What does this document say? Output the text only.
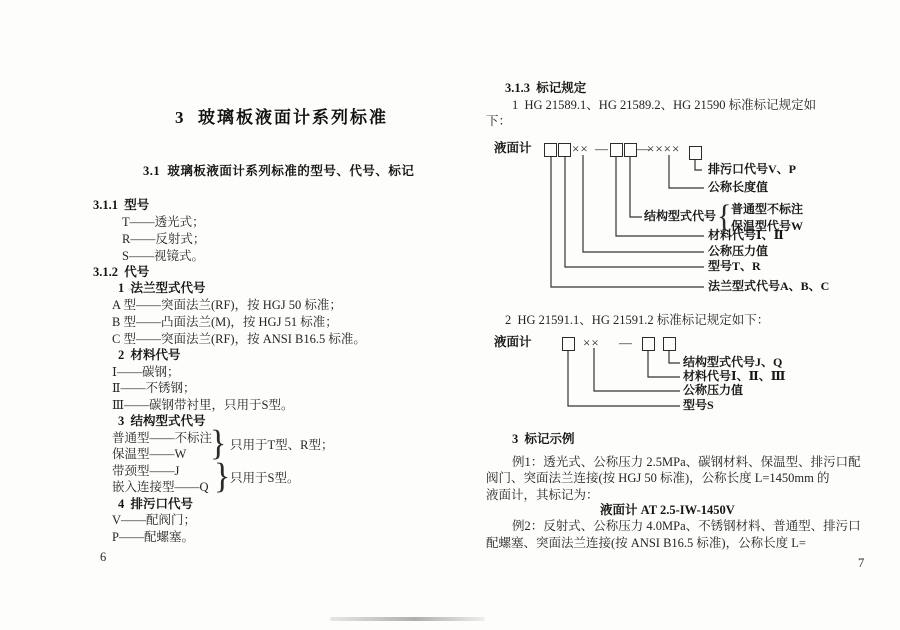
3  玻璃板液面计系列标准
3.1  玻璃板液面计系列标准的型号、代号、标记
3.1.1  型号
T——透光式；
R——反射式；
S——视镜式。
3.1.2  代号
1  法兰型式代号
A 型——突面法兰(RF)，按 HGJ 50 标准；
B 型——凸面法兰(M)，按 HGJ 51 标准；
C 型——突面法兰(RF)，按 ANSI B16.5 标准。
2  材料代号
Ⅰ——碳钢；
Ⅱ——不锈钢；
Ⅲ——碳钢带衬里，只用于S型。
3  结构型式代号
普通型——不标注
保温型——W } 只用于T型、R型；
带颈型——J
嵌入连接型——Q } 只用于S型。
4  排污口代号
V——配阀门；
P——配螺塞。
6
3.1.3  标记规定
1  HG 21589.1、HG 21589.2、HG 21590 标准标记规定如
下：
液面计	×× — —
××××
排污口代号V、P
公称长度值
结构型式代号 { 普通型不标注
保温型代号W
材料代号Ⅰ、Ⅱ
公称压力值
型号T、R
法兰型式代号A、B、C
2  HG 21591.1、HG 21591.2 标准标记规定如下：
液面计	×× —
结构型式代号J、Q
材料代号Ⅰ、Ⅱ、Ⅲ
公称压力值
型号S
3  标记示例
例1：透光式、公称压力 2.5MPa、碳钢材料、保温型、排污口配
阀门、突面法兰连接(按 HGJ 50 标准)，公称长度 L=1450mm 的
液面计，其标记为：
液面计 AT 2.5-IW-1450V
例2：反射式、公称压力 4.0MPa、不锈钢材料、普通型、排污口
配螺塞、突面法兰连接(按 ANSI B16.5 标准)，公称长度 L=
7
